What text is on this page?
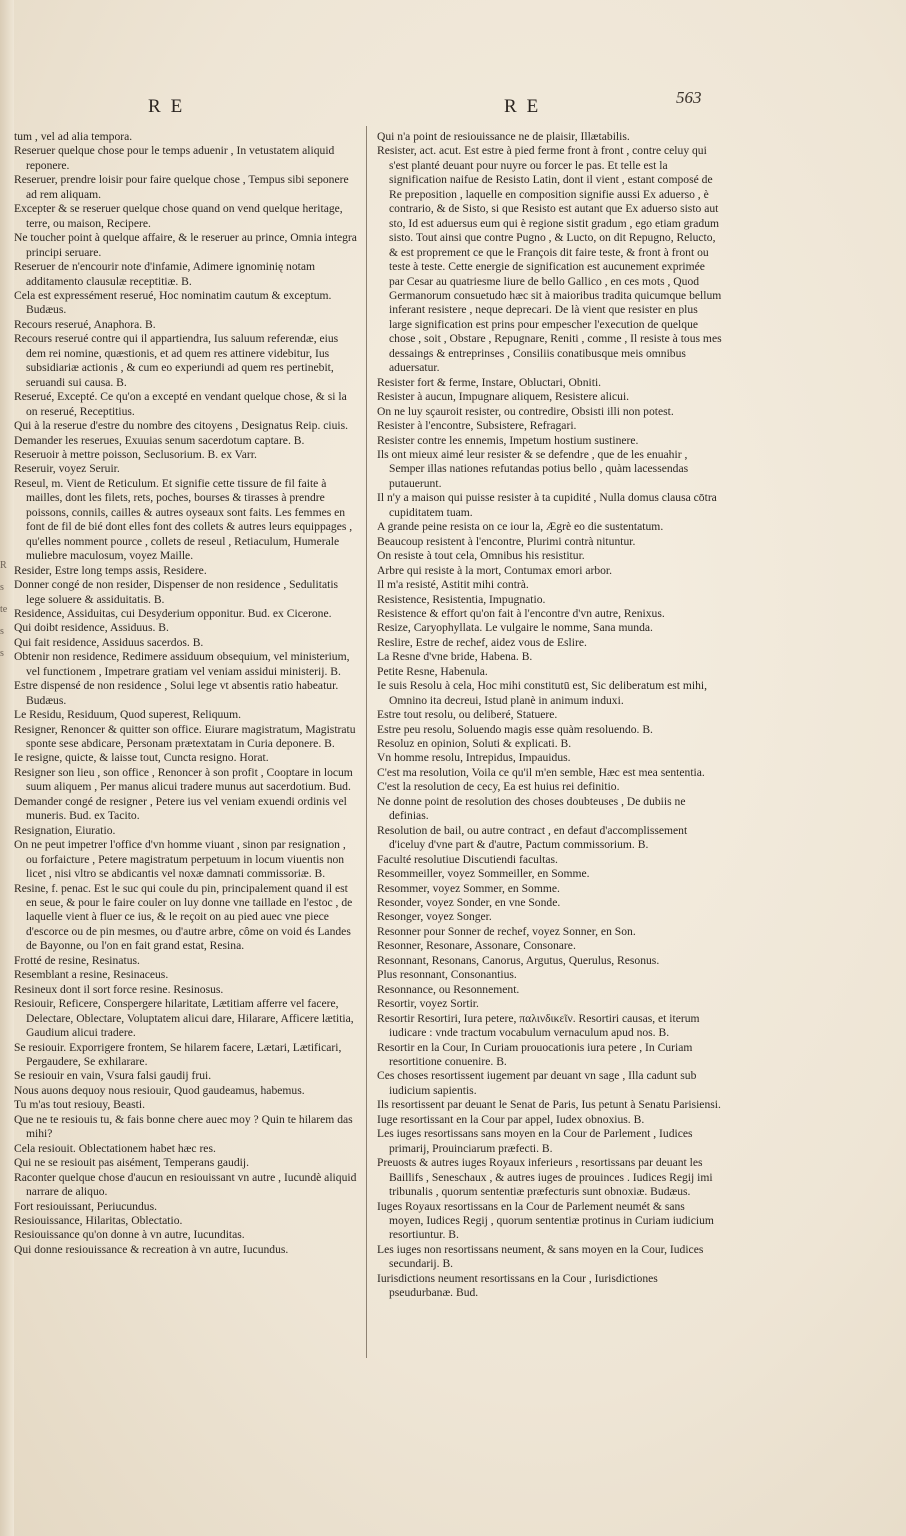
R
s
te
s
s
RE	RE	563

tum , vel ad alia tempora.

Reseruer quelque chose pour le temps aduenir , In vetustatem aliquid reponere.

Reseruer, prendre loisir pour faire quelque chose , Tempus sibi seponere ad rem aliquam.

Excepter & se reseruer quelque chose quand on vend quelque heritage, terre, ou maison, Recipere.

Ne toucher point à quelque affaire, & le reseruer au prince, Omnia integra principi seruare.

Reseruer de n'encourir note d'infamie, Adimere ignominię notam additamento clausulæ receptitiæ. B.

Cela est expressément reserué, Hoc nominatim cautum & exceptum. Budæus.

Recours reserué, Anaphora. B.

Recours reserué contre qui il appartiendra, Ius saluum referendæ, eius dem rei nomine, quæstionis, et ad quem res attinere videbitur, Ius subsidiariæ actionis , & cum eo experiundi ad quem res pertinebit, seruandi sui causa. B.

Reserué, Excepté. Ce qu'on a excepté en vendant quelque chose, & si la on reserué, Receptitius.

Qui à la reserue d'estre du nombre des citoyens , Designatus Reip. ciuis.

Demander les reserues, Exuuias senum sacerdotum captare. B.

Reseruoir à mettre poisson, Seclusorium. B. ex Varr.

Reseruir, voyez Seruir.

Reseul, m. Vient de Reticulum. Et signifie cette tissure de fil faite à mailles, dont les filets, rets, poches, bourses & tirasses à prendre poissons, connils, cailles & autres oyseaux sont faits. Les femmes en font de fil de bié dont elles font des collets & autres leurs equippages , qu'elles nomment pource , collets de reseul , Retiaculum, Humerale muliebre maculosum, voyez Maille.

Resider, Estre long temps assis, Residere.

Donner congé de non resider, Dispenser de non residence , Sedulitatis lege soluere & assiduitatis. B.

Residence, Assiduitas, cui Desyderium opponitur. Bud. ex Cicerone.

Qui doibt residence, Assiduus. B.

Qui fait residence, Assiduus sacerdos. B.

Obtenir non residence, Redimere assiduum obsequium, vel ministerium, vel functionem , Impetrare gratiam vel veniam assidui ministerij. B.

Estre dispensé de non residence , Solui lege vt absentis ratio habeatur. Budæus.

Le Residu, Residuum, Quod superest, Reliquum.

Resigner, Renoncer & quitter son office. Eiurare magistratum, Magistratu sponte sese abdicare, Personam prætextatam in Curia deponere. B.

Ie resigne, quicte, & laisse tout, Cuncta resigno. Horat.

Resigner son lieu , son office , Renoncer à son profit , Cooptare in locum suum aliquem , Per manus alicui tradere munus aut sacerdotium. Bud.

Demander congé de resigner , Petere ius vel veniam exuendi ordinis vel muneris. Bud. ex Tacito.

Resignation, Eiuratio.

On ne peut impetrer l'office d'vn homme viuant , sinon par resignation , ou forfaicture , Petere magistratum perpetuum in locum viuentis non licet , nisi vltro se abdicantis vel noxæ damnati commissoriæ. B.

Resine, f. penac. Est le suc qui coule du pin, principalement quand il est en seue, & pour le faire couler on luy donne vne taillade en l'estoc , de laquelle vient à fluer ce ius, & le reçoit on au pied auec vne piece d'escorce ou de pin mesmes, ou d'autre arbre, côme on void és Landes de Bayonne, ou l'on en fait grand estat, Resina.

Frotté de resine, Resinatus.

Resemblant a resine, Resinaceus.

Resineux dont il sort force resine. Resinosus.

Resiouir, Reficere, Conspergere hilaritate, Lætitiam afferre vel facere, Delectare, Oblectare, Voluptatem alicui dare, Hilarare, Afficere lætitia, Gaudium alicui tradere.

Se resiouir. Exporrigere frontem, Se hilarem facere, Lætari, Lætificari, Pergaudere, Se exhilarare.

Se resiouir en vain, Vsura falsi gaudij frui.

Nous auons dequoy nous resiouir, Quod gaudeamus, habemus.

Tu m'as tout resiouy, Beasti.

Que ne te resiouis tu, & fais bonne chere auec moy ? Quin te hilarem das mihi?

Cela resiouit. Oblectationem habet hæc res.

Qui ne se resiouit pas aisément, Temperans gaudij.

Raconter quelque chose d'aucun en resiouissant vn autre , Iucundè aliquid narrare de aliquo.

Fort resiouissant, Periucundus.

Resiouissance, Hilaritas, Oblectatio.

Resiouissance qu'on donne à vn autre, Iucunditas.

Qui donne resiouissance & recreation à vn autre, Iucundus.

Qui n'a point de resiouissance ne de plaisir, Illætabilis.

Resister, act. acut. Est estre à pied ferme front à front , contre celuy qui s'est planté deuant pour nuyre ou forcer le pas. Et telle est la signification naifue de Resisto Latin, dont il vient , estant composé de Re preposition , laquelle en composition signifie aussi Ex aduerso , è contrario, & de Sisto, si que Resisto est autant que Ex aduerso sisto aut sto, Id est aduersus eum qui è regione sistit gradum , ego etiam gradum sisto. Tout ainsi que contre Pugno , & Lucto, on dit Repugno, Relucto, & est proprement ce que le François dit faire teste, & front à front ou teste à teste. Cette energie de signification est aucunement exprimée par Cesar au quatriesme liure de bello Gallico , en ces mots , Quod Germanorum consuetudo hæc sit à maioribus tradita quicumque bellum inferant resistere , neque deprecari. De là vient que resister en plus large signification est prins pour empescher l'execution de quelque chose , soit , Obstare , Repugnare, Reniti , comme , Il resiste à tous mes dessaings & entreprinses , Consiliis conatibusque meis omnibus aduersatur.

Resister fort & ferme, Instare, Obluctari, Obniti.

Resister à aucun, Impugnare aliquem, Resistere alicui.

On ne luy sçauroit resister, ou contredire, Obsisti illi non potest.

Resister à l'encontre, Subsistere, Refragari.

Resister contre les ennemis, Impetum hostium sustinere.

Ils ont mieux aimé leur resister & se defendre , que de les enuahir , Semper illas nationes refutandas potius bello , quàm lacessendas putauerunt.

Il n'y a maison qui puisse resister à ta cupidité , Nulla domus clausa cōtra cupiditatem tuam.

A grande peine resista on ce iour la, Ægrè eo die sustentatum.

Beaucoup resistent à l'encontre, Plurimi contrà nituntur.

On resiste à tout cela, Omnibus his resistitur.

Arbre qui resiste à la mort, Contumax emori arbor.

Il m'a resisté, Astitit mihi contrà.

Resistence, Resistentia, Impugnatio.

Resistence & effort qu'on fait à l'encontre d'vn autre, Renixus.

Resize, Caryophyllata. Le vulgaire le nomme, Sana munda.

Reslire, Estre de rechef, aidez vous de Eslire.

La Resne d'vne bride, Habena. B.

Petite Resne, Habenula.

Ie suis Resolu à cela, Hoc mihi constitutū est, Sic deliberatum est mihi, Omnino ita decreui, Istud planè in animum induxi.

Estre tout resolu, ou deliberé, Statuere.

Estre peu resolu, Soluendo magis esse quàm resoluendo. B.

Resoluz en opinion, Soluti & explicati. B.

Vn homme resolu, Intrepidus, Impauidus.

C'est ma resolution, Voila ce qu'il m'en semble, Hæc est mea sententia.

C'est la resolution de cecy, Ea est huius rei definitio.

Ne donne point de resolution des choses doubteuses , De dubiis ne definias.

Resolution de bail, ou autre contract , en defaut d'accomplissement d'iceluy d'vne part & d'autre, Pactum commissorium. B.

Faculté resolutiue Discutiendi facultas.

Resommeiller, voyez Sommeiller, en Somme.

Resommer, voyez Sommer, en Somme.

Resonder, voyez Sonder, en vne Sonde.

Resonger, voyez Songer.

Resonner pour Sonner de rechef, voyez Sonner, en Son.

Resonner, Resonare, Assonare, Consonare.

Resonnant, Resonans, Canorus, Argutus, Querulus, Resonus.

Plus resonnant, Consonantius.

Resonnance, ou Resonnement.

Resortir, voyez Sortir.

Resortir Resortiri, Iura petere, παλινδικεῖν. Resortiri causas, et iterum iudicare : vnde tractum vocabulum vernaculum apud nos. B.

Resortir en la Cour, In Curiam prouocationis iura petere , In Curiam resortitione conuenire. B.

Ces choses resortissent iugement par deuant vn sage , Illa cadunt sub iudicium sapientis.

Ils resortissent par deuant le Senat de Paris, Ius petunt à Senatu Parisiensi.

Iuge resortissant en la Cour par appel, Iudex obnoxius. B.

Les iuges resortissans sans moyen en la Cour de Parlement , Iudices primarij, Prouinciarum præfecti. B.

Preuosts & autres iuges Royaux inferieurs , resortissans par deuant les Baillifs , Seneschaux , & autres iuges de prouinces . Iudices Regij imi tribunalis , quorum sententiæ præfecturis sunt obnoxiæ. Budæus.

Iuges Royaux resortissans en la Cour de Parlement neumét & sans moyen, Iudices Regij , quorum sententiæ protinus in Curiam iudicium resortiuntur. B.

Les iuges non resortissans neument, & sans moyen en la Cour, Iudices secundarij. B.

Iurisdictions neument resortissans en la Cour , Iurisdictiones pseudurbanæ. Bud.
